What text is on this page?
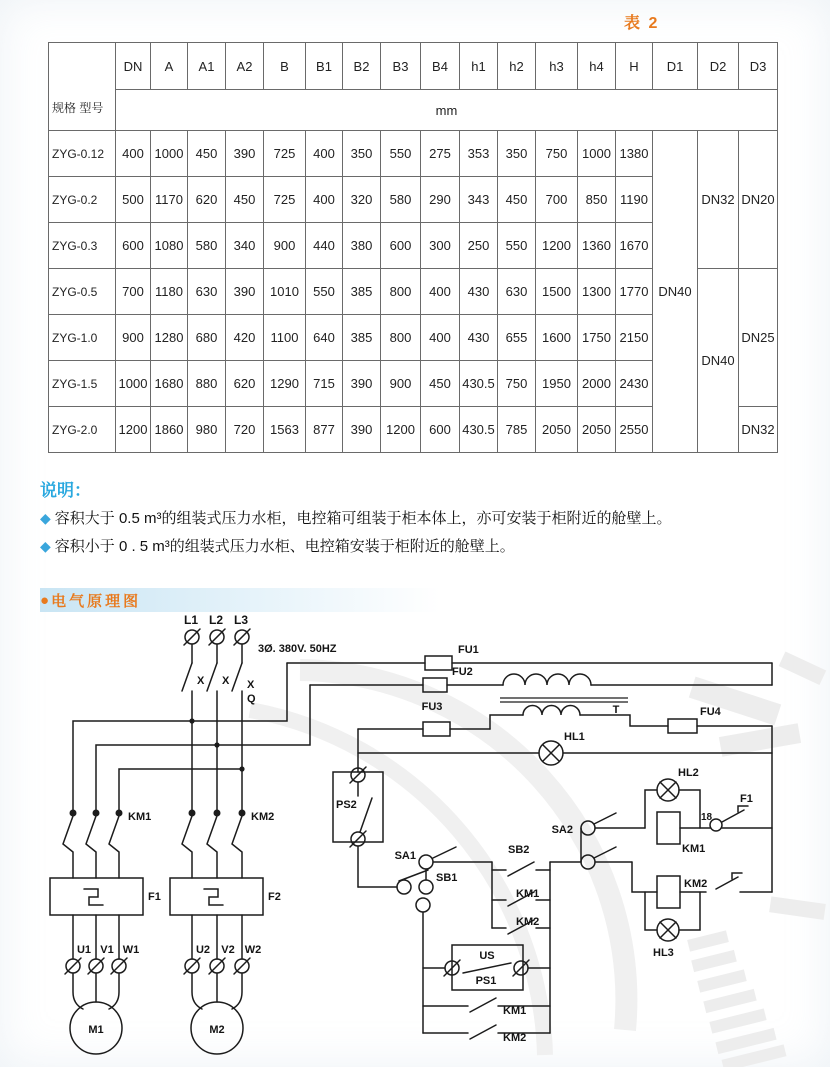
表 2
规格 型号	DN	A	A1	A2	B	B1	B2	B3	B4	h1	h2	h3	h4	H	D1	D2	D3
	mm																
ZYG-0.12	400	1000	450	390	725	400	350	550	275	353	350	750	1000	1380	DN40	DN32	DN20
ZYG-0.2	500	1170	620	450	725	400	320	580	290	343	450	700	850	1190			
ZYG-0.3	600	1080	580	340	900	440	380	600	300	250	550	1200	1360	1670			
ZYG-0.5	700	1180	630	390	1010	550	385	800	400	430	630	1500	1300	1770		DN40	DN25
ZYG-1.0	900	1280	680	420	1100	640	385	800	400	430	655	1600	1750	2150			
ZYG-1.5	1000	1680	880	620	1290	715	390	900	450	430.5	750	1950	2000	2430			
ZYG-2.0	1200	1860	980	720	1563	877	390	1200	600	430.5	785	2050	2050	2550			DN32
说明：
◆ 容积大于 0.5 m³的组装式压力水柜，电控箱可组装于柜本体上，亦可安装于柜附近的舱壁上。
◆ 容积小于 0 . 5 m³的组装式压力水柜、电控箱安装于柜附近的舱壁上。
● 电气原理图
L1 L2 L3
3Ø. 380V. 50HZ
X X X
Q
FU1
FU2
T
FU3	FU4
HL1
PS2
SB1
SA1	SB2
KM1
KM2
SA2
HL2
KM1
18
F1
KM2
HL3
US
PS1
KM1
KM2
KM1	KM2
F1	F2
U1 V1 W1	U2 V2 W2
M1	M2
